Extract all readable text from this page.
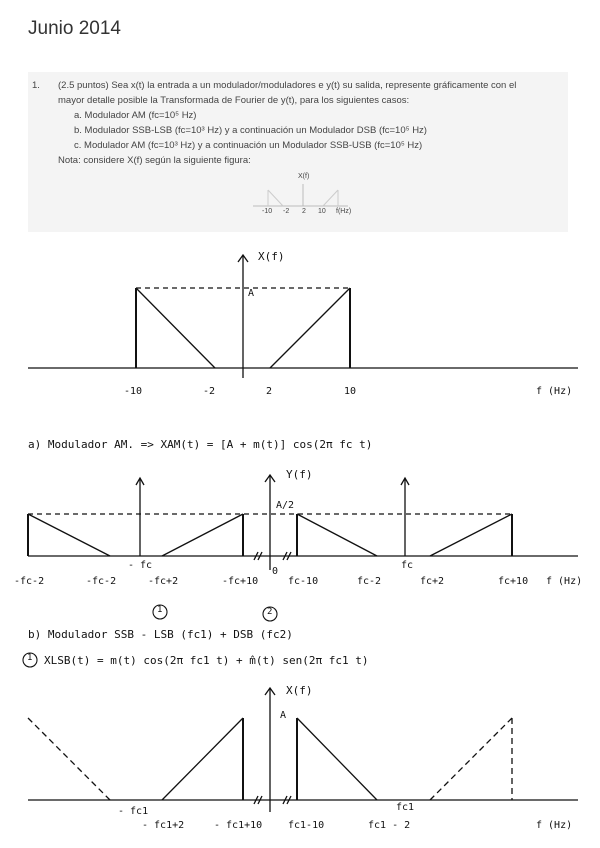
Junio 2014
1. (2.5 puntos) Sea x(t) la entrada a un modulador/moduladores e y(t) su salida, represente gráficamente con el
mayor detalle posible la Transformada de Fourier de y(t), para los siguientes casos:
a. Modulador AM (fc=10⁵ Hz)
b. Modulador SSB-LSB (fc=10³ Hz) y a continuación un Modulador DSB (fc=10⁵ Hz)
c. Modulador AM (fc=10³ Hz) y a continuación un Modulador SSB-USB (fc=10⁵ Hz)
Nota: considere X(f) según la siguiente figura:
X(f)
-10 -2 2 10 f(Hz)
X(f)
A
-10	-2	2	10	f (Hz)
a) Modulador AM. => XAM(t) = [A + m(t)] cos(2π fc t)
Y(f)
A/2
- fc	fc
0
-fc-2	-fc-2	-fc+2	-fc+10	fc-10	fc-2	fc+2	fc+10 f (Hz)
1	2
b) Modulador SSB - LSB (fc1) + DSB (fc2)
1 XLSB(t) = m(t) cos(2π fc1 t) + m̂(t) sen(2π fc1 t)
X(f)
A
- fc1	fc1
- fc1+2	- fc1+10	fc1-10	fc1 - 2	f (Hz)
